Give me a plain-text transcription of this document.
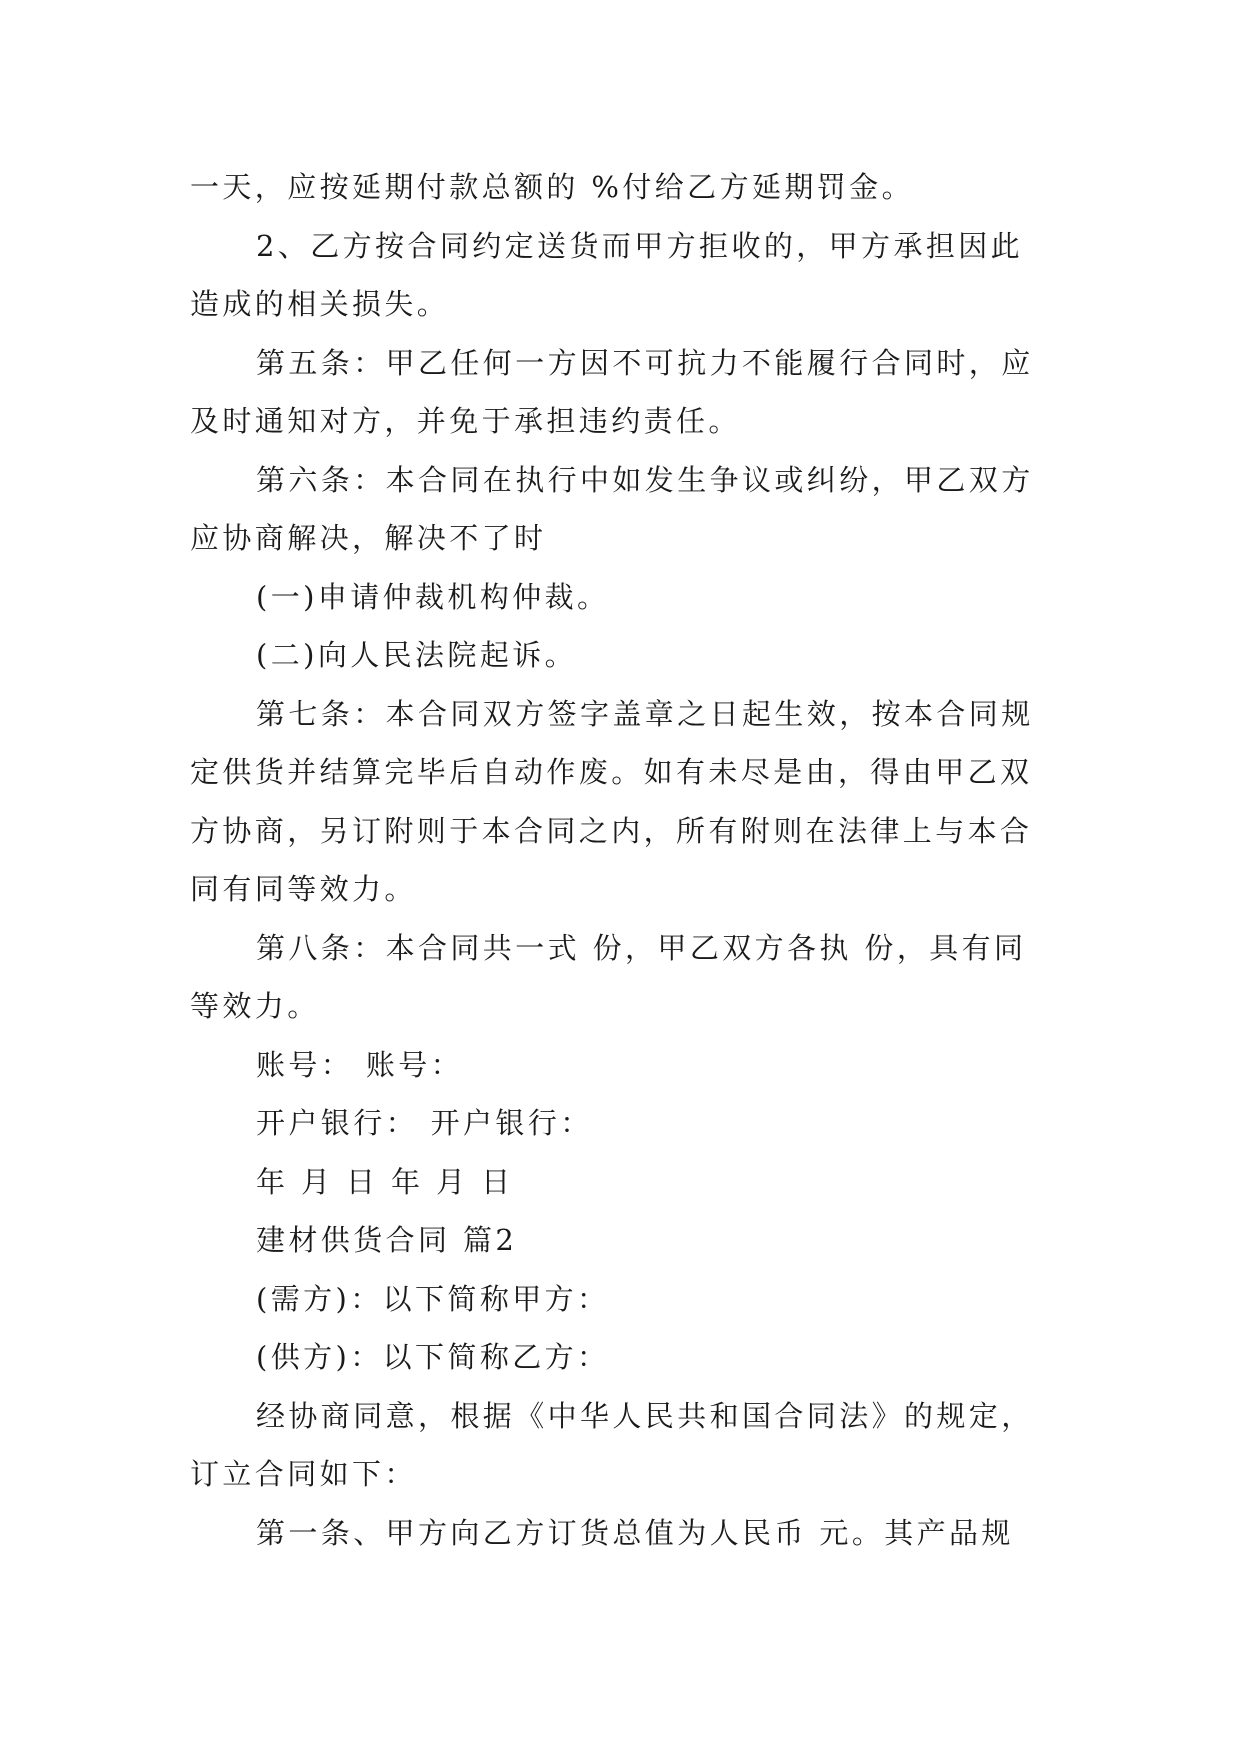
一天，应按延期付款总额的 %付给乙方延期罚金。
2、乙方按合同约定送货而甲方拒收的，甲方承担因此
造成的相关损失。
第五条：甲乙任何一方因不可抗力不能履行合同时，应
及时通知对方，并免于承担违约责任。
第六条：本合同在执行中如发生争议或纠纷，甲乙双方
应协商解决，解决不了时
(一)申请仲裁机构仲裁。
(二)向人民法院起诉。
第七条：本合同双方签字盖章之日起生效，按本合同规
定供货并结算完毕后自动作废。如有未尽是由，得由甲乙双
方协商，另订附则于本合同之内，所有附则在法律上与本合
同有同等效力。
第八条：本合同共一式 份，甲乙双方各执 份，具有同
等效力。
账号： 账号：
开户银行： 开户银行：
年 月 日 年 月 日
建材供货合同 篇2
(需方)：以下简称甲方：
(供方)：以下简称乙方：
经协商同意，根据《中华人民共和国合同法》的规定，
订立合同如下：
第一条、甲方向乙方订货总值为人民币 元。其产品规
